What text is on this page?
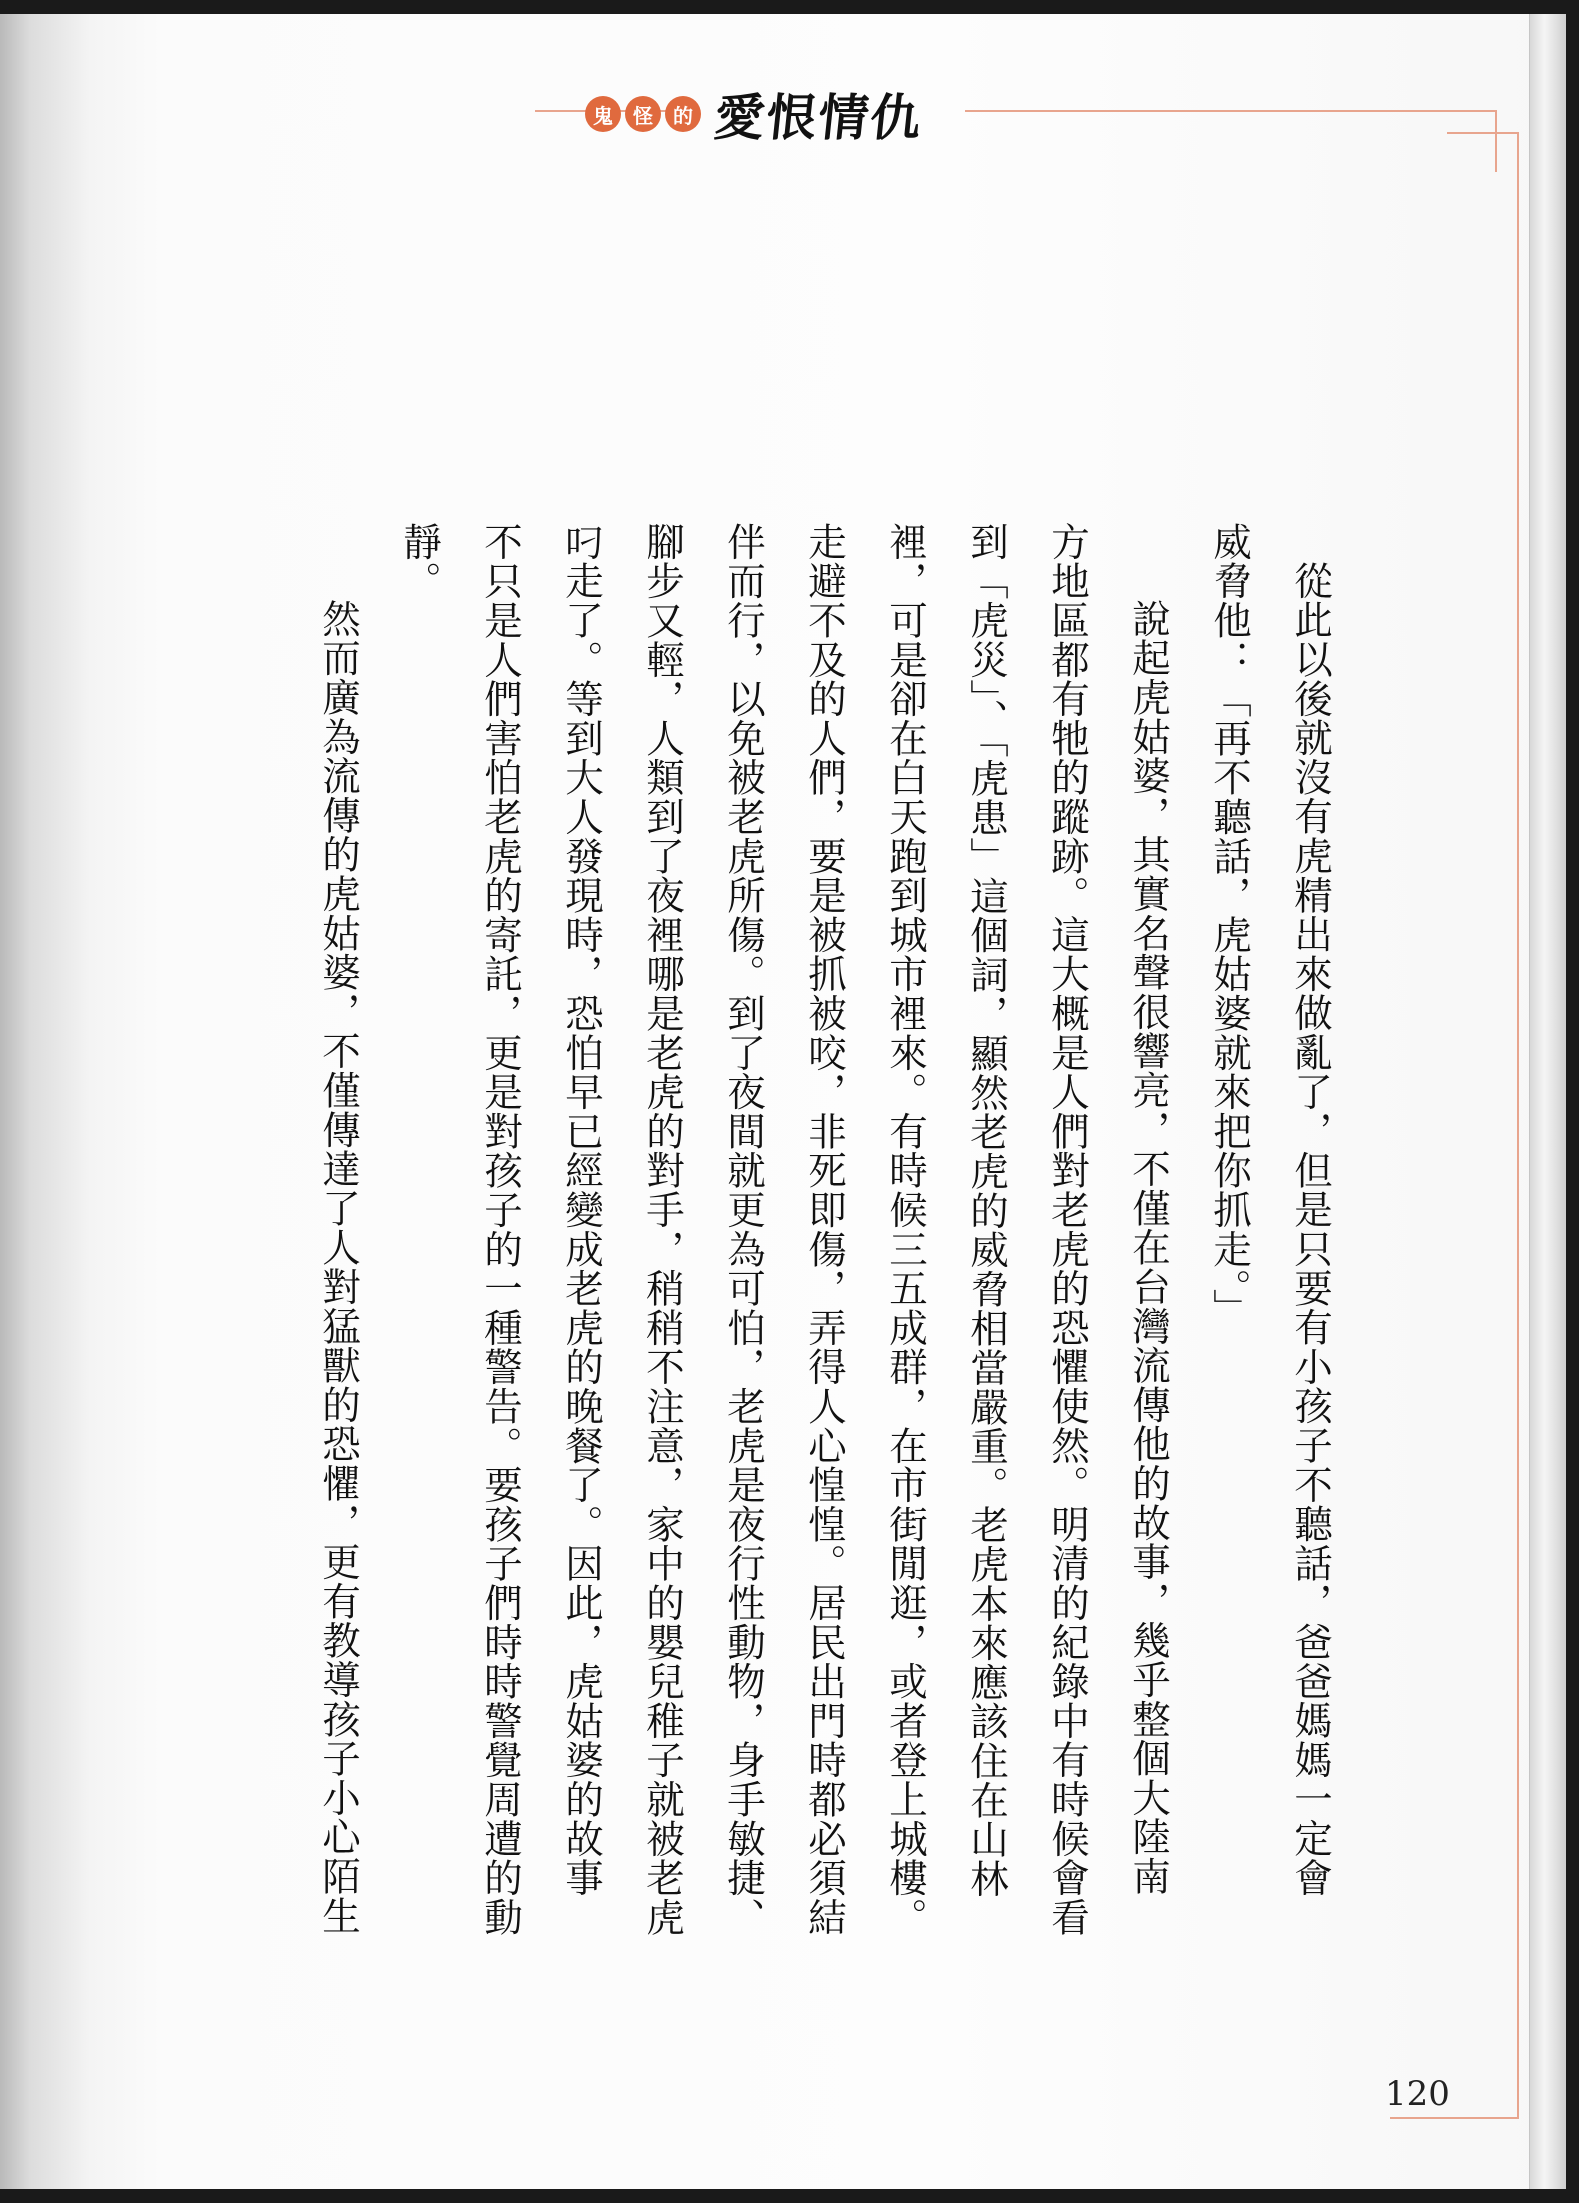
鬼	怪	的 愛恨情仇

從此以後就沒有虎精出來做亂了，但是只要有小孩子不聽話，爸爸媽媽一定會

威脅他：「再不聽話，虎姑婆就來把你抓走。」

說起虎姑婆，其實名聲很響亮，不僅在台灣流傳他的故事，幾乎整個大陸南

方地區都有牠的蹤跡。這大概是人們對老虎的恐懼使然。明清的紀錄中有時候會看

到「虎災」、「虎患」這個詞，顯然老虎的威脅相當嚴重。老虎本來應該住在山林

裡，可是卻在白天跑到城市裡來。有時候三五成群，在市街閒逛，或者登上城樓。

走避不及的人們，要是被抓被咬，非死即傷，弄得人心惶惶。居民出門時都必須結

伴而行，以免被老虎所傷。到了夜間就更為可怕，老虎是夜行性動物，身手敏捷、

腳步又輕，人類到了夜裡哪是老虎的對手，稍稍不注意，家中的嬰兒稚子就被老虎

叼走了。等到大人發現時，恐怕早已經變成老虎的晚餐了。因此，虎姑婆的故事

不只是人們害怕老虎的寄託，更是對孩子的一種警告。要孩子們時時警覺周遭的動

靜。

然而廣為流傳的虎姑婆，不僅傳達了人對猛獸的恐懼，更有教導孩子小心陌生

120
